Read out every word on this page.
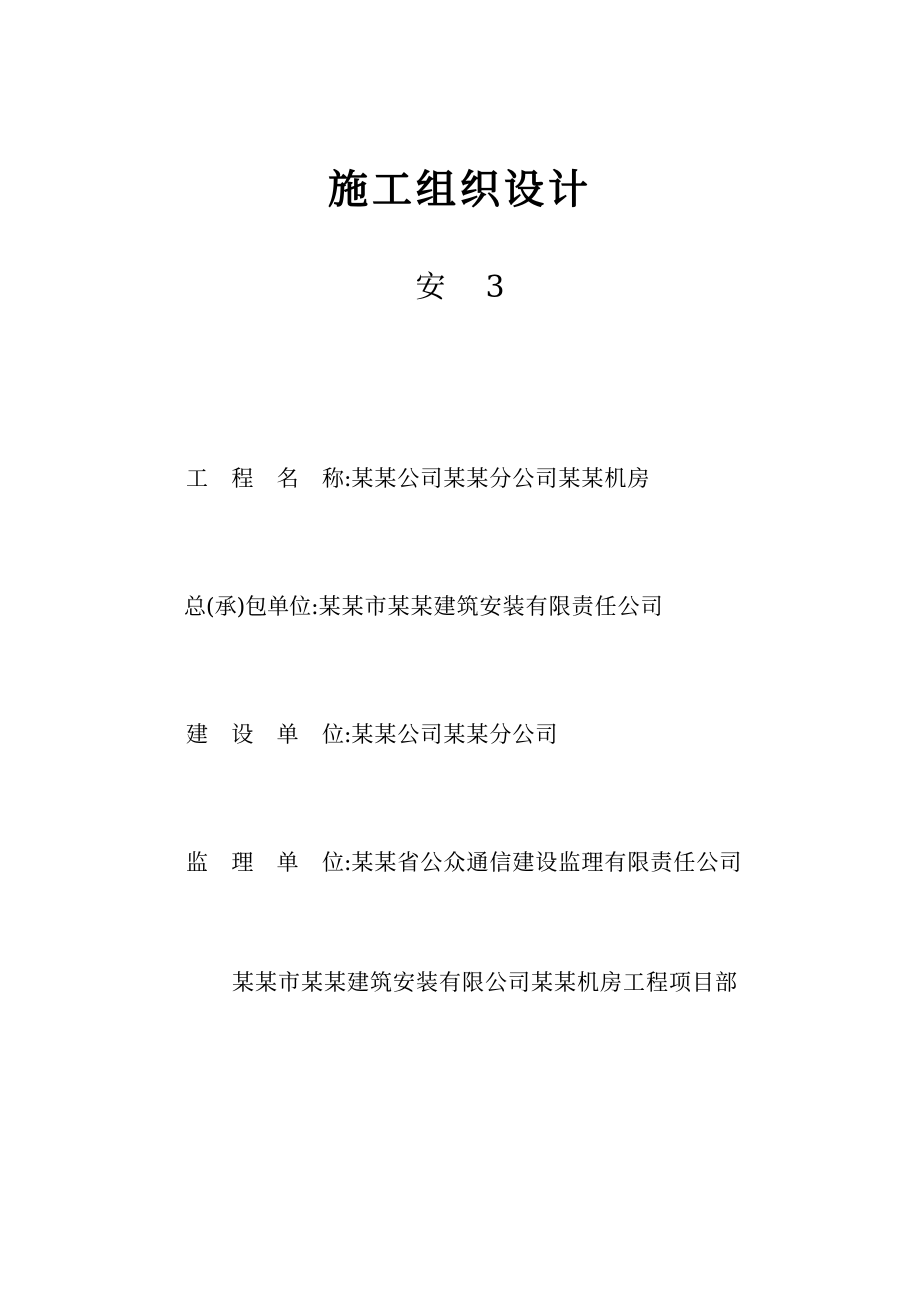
施工组织设计
安 3
工程名称 : 某某公司某某分公司某某机房
总(承)包单位 : 某某市某某建筑安装有限责任公司
建设单位 : 某某公司某某分公司
监理单位 : 某某省公众通信建设监理有限责任公司
某某市某某建筑安装有限公司某某机房工程项目部
